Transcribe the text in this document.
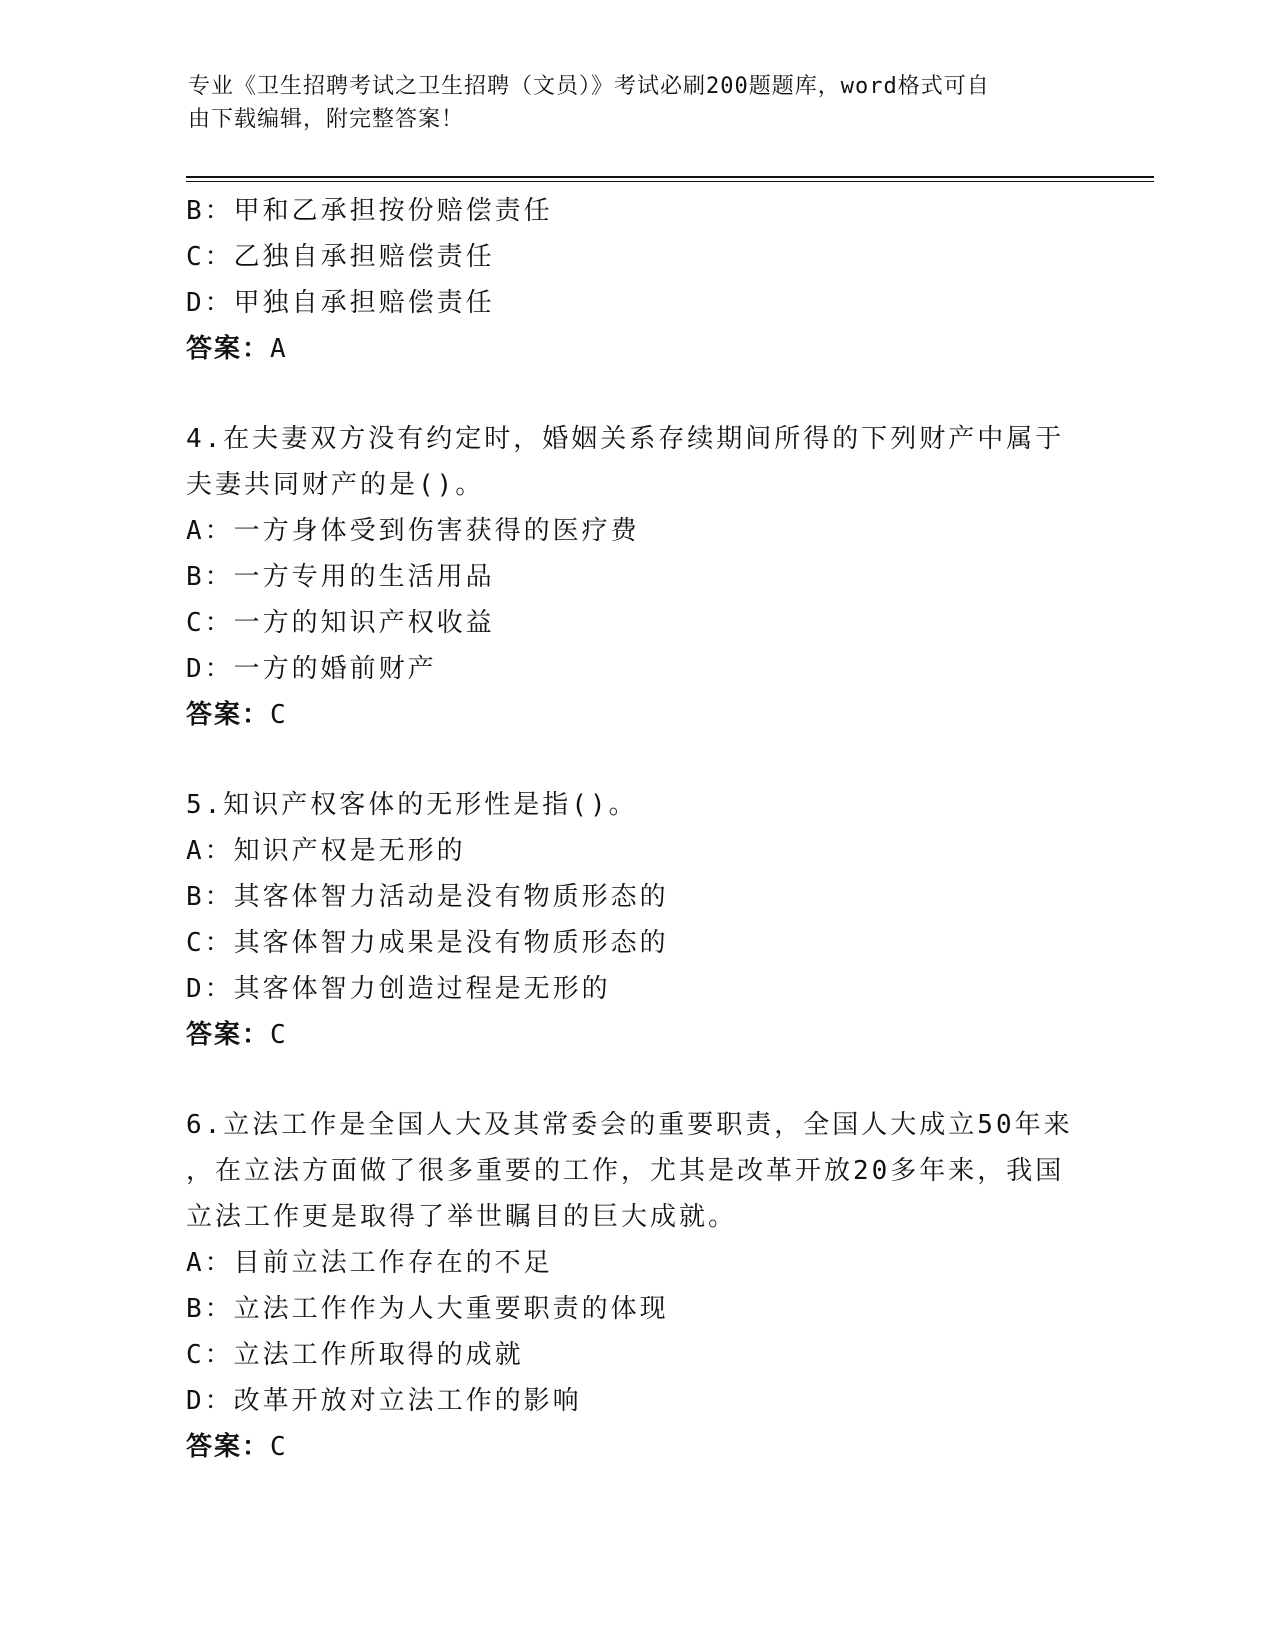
专业《卫生招聘考试之卫生招聘（文员）》考试必刷200题题库，word格式可自
由下载编辑，附完整答案！
B：甲和乙承担按份赔偿责任
C：乙独自承担赔偿责任
D：甲独自承担赔偿责任
答案：A
4.在夫妻双方没有约定时，婚姻关系存续期间所得的下列财产中属于
夫妻共同财产的是()。
A：一方身体受到伤害获得的医疗费
B：一方专用的生活用品
C：一方的知识产权收益
D：一方的婚前财产
答案：C
5.知识产权客体的无形性是指()。
A：知识产权是无形的
B：其客体智力活动是没有物质形态的
C：其客体智力成果是没有物质形态的
D：其客体智力创造过程是无形的
答案：C
6.立法工作是全国人大及其常委会的重要职责，全国人大成立50年来
，在立法方面做了很多重要的工作，尤其是改革开放20多年来，我国
立法工作更是取得了举世瞩目的巨大成就。
A：目前立法工作存在的不足
B：立法工作作为人大重要职责的体现
C：立法工作所取得的成就
D：改革开放对立法工作的影响
答案：C
